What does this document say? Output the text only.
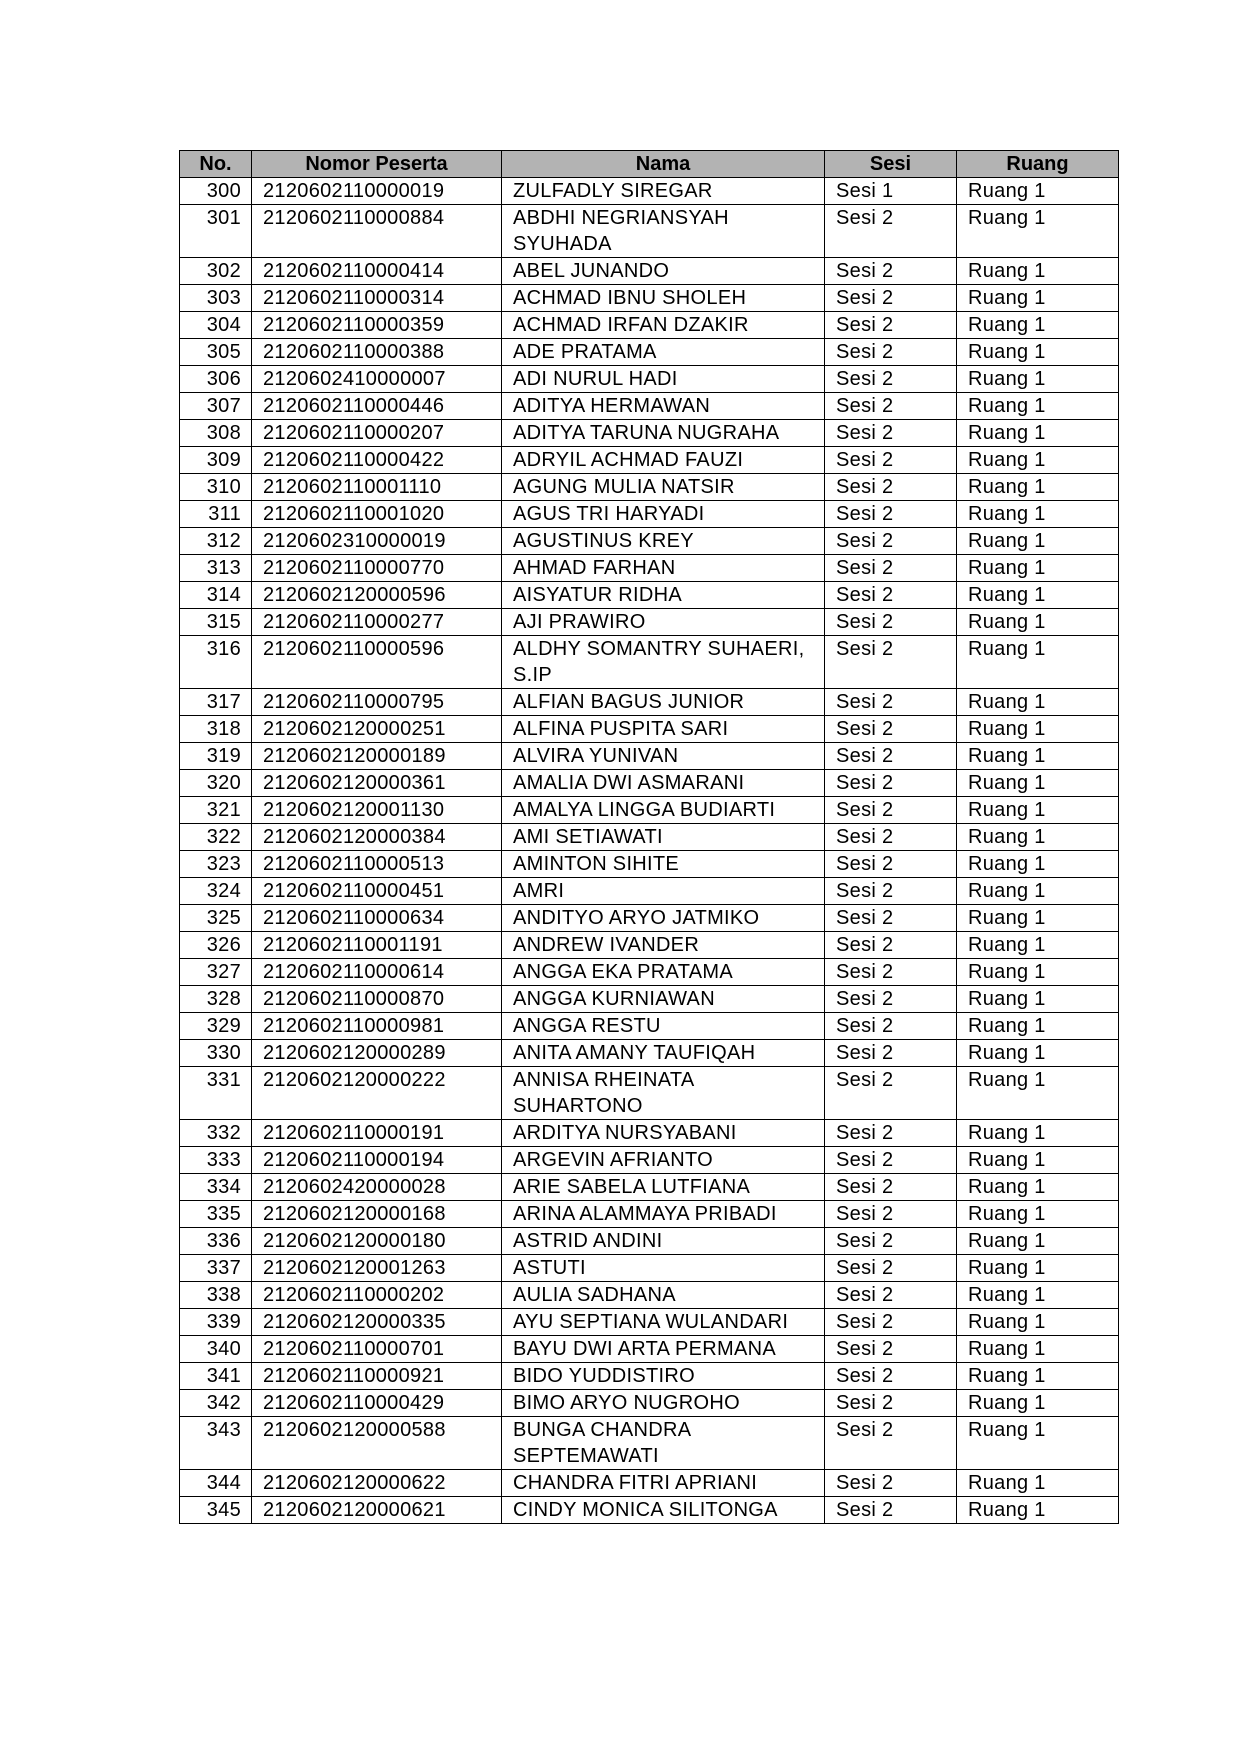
No.	Nomor Peserta	Nama	Sesi	Ruang
300	2120602110000019	ZULFADLY SIREGAR	Sesi 1	Ruang 1
301	2120602110000884	ABDHI NEGRIANSYAH SYUHADA	Sesi 2	Ruang 1
302	2120602110000414	ABEL JUNANDO	Sesi 2	Ruang 1
303	2120602110000314	ACHMAD IBNU SHOLEH	Sesi 2	Ruang 1
304	2120602110000359	ACHMAD IRFAN DZAKIR	Sesi 2	Ruang 1
305	2120602110000388	ADE PRATAMA	Sesi 2	Ruang 1
306	2120602410000007	ADI NURUL HADI	Sesi 2	Ruang 1
307	2120602110000446	ADITYA HERMAWAN	Sesi 2	Ruang 1
308	2120602110000207	ADITYA TARUNA NUGRAHA	Sesi 2	Ruang 1
309	2120602110000422	ADRYIL ACHMAD FAUZI	Sesi 2	Ruang 1
310	2120602110001110	AGUNG MULIA NATSIR	Sesi 2	Ruang 1
311	2120602110001020	AGUS TRI HARYADI	Sesi 2	Ruang 1
312	2120602310000019	AGUSTINUS KREY	Sesi 2	Ruang 1
313	2120602110000770	AHMAD FARHAN	Sesi 2	Ruang 1
314	2120602120000596	AISYATUR RIDHA	Sesi 2	Ruang 1
315	2120602110000277	AJI PRAWIRO	Sesi 2	Ruang 1
316	2120602110000596	ALDHY SOMANTRY SUHAERI, S.IP	Sesi 2	Ruang 1
317	2120602110000795	ALFIAN BAGUS JUNIOR	Sesi 2	Ruang 1
318	2120602120000251	ALFINA PUSPITA SARI	Sesi 2	Ruang 1
319	2120602120000189	ALVIRA YUNIVAN	Sesi 2	Ruang 1
320	2120602120000361	AMALIA DWI ASMARANI	Sesi 2	Ruang 1
321	2120602120001130	AMALYA LINGGA BUDIARTI	Sesi 2	Ruang 1
322	2120602120000384	AMI SETIAWATI	Sesi 2	Ruang 1
323	2120602110000513	AMINTON SIHITE	Sesi 2	Ruang 1
324	2120602110000451	AMRI	Sesi 2	Ruang 1
325	2120602110000634	ANDITYO ARYO JATMIKO	Sesi 2	Ruang 1
326	2120602110001191	ANDREW IVANDER	Sesi 2	Ruang 1
327	2120602110000614	ANGGA EKA PRATAMA	Sesi 2	Ruang 1
328	2120602110000870	ANGGA KURNIAWAN	Sesi 2	Ruang 1
329	2120602110000981	ANGGA RESTU	Sesi 2	Ruang 1
330	2120602120000289	ANITA AMANY TAUFIQAH	Sesi 2	Ruang 1
331	2120602120000222	ANNISA RHEINATA SUHARTONO	Sesi 2	Ruang 1
332	2120602110000191	ARDITYA NURSYABANI	Sesi 2	Ruang 1
333	2120602110000194	ARGEVIN AFRIANTO	Sesi 2	Ruang 1
334	2120602420000028	ARIE SABELA LUTFIANA	Sesi 2	Ruang 1
335	2120602120000168	ARINA ALAMMAYA PRIBADI	Sesi 2	Ruang 1
336	2120602120000180	ASTRID ANDINI	Sesi 2	Ruang 1
337	2120602120001263	ASTUTI	Sesi 2	Ruang 1
338	2120602110000202	AULIA SADHANA	Sesi 2	Ruang 1
339	2120602120000335	AYU SEPTIANA WULANDARI	Sesi 2	Ruang 1
340	2120602110000701	BAYU DWI ARTA PERMANA	Sesi 2	Ruang 1
341	2120602110000921	BIDO YUDDISTIRO	Sesi 2	Ruang 1
342	2120602110000429	BIMO ARYO NUGROHO	Sesi 2	Ruang 1
343	2120602120000588	BUNGA CHANDRA SEPTEMAWATI	Sesi 2	Ruang 1
344	2120602120000622	CHANDRA FITRI APRIANI	Sesi 2	Ruang 1
345	2120602120000621	CINDY MONICA SILITONGA	Sesi 2	Ruang 1
